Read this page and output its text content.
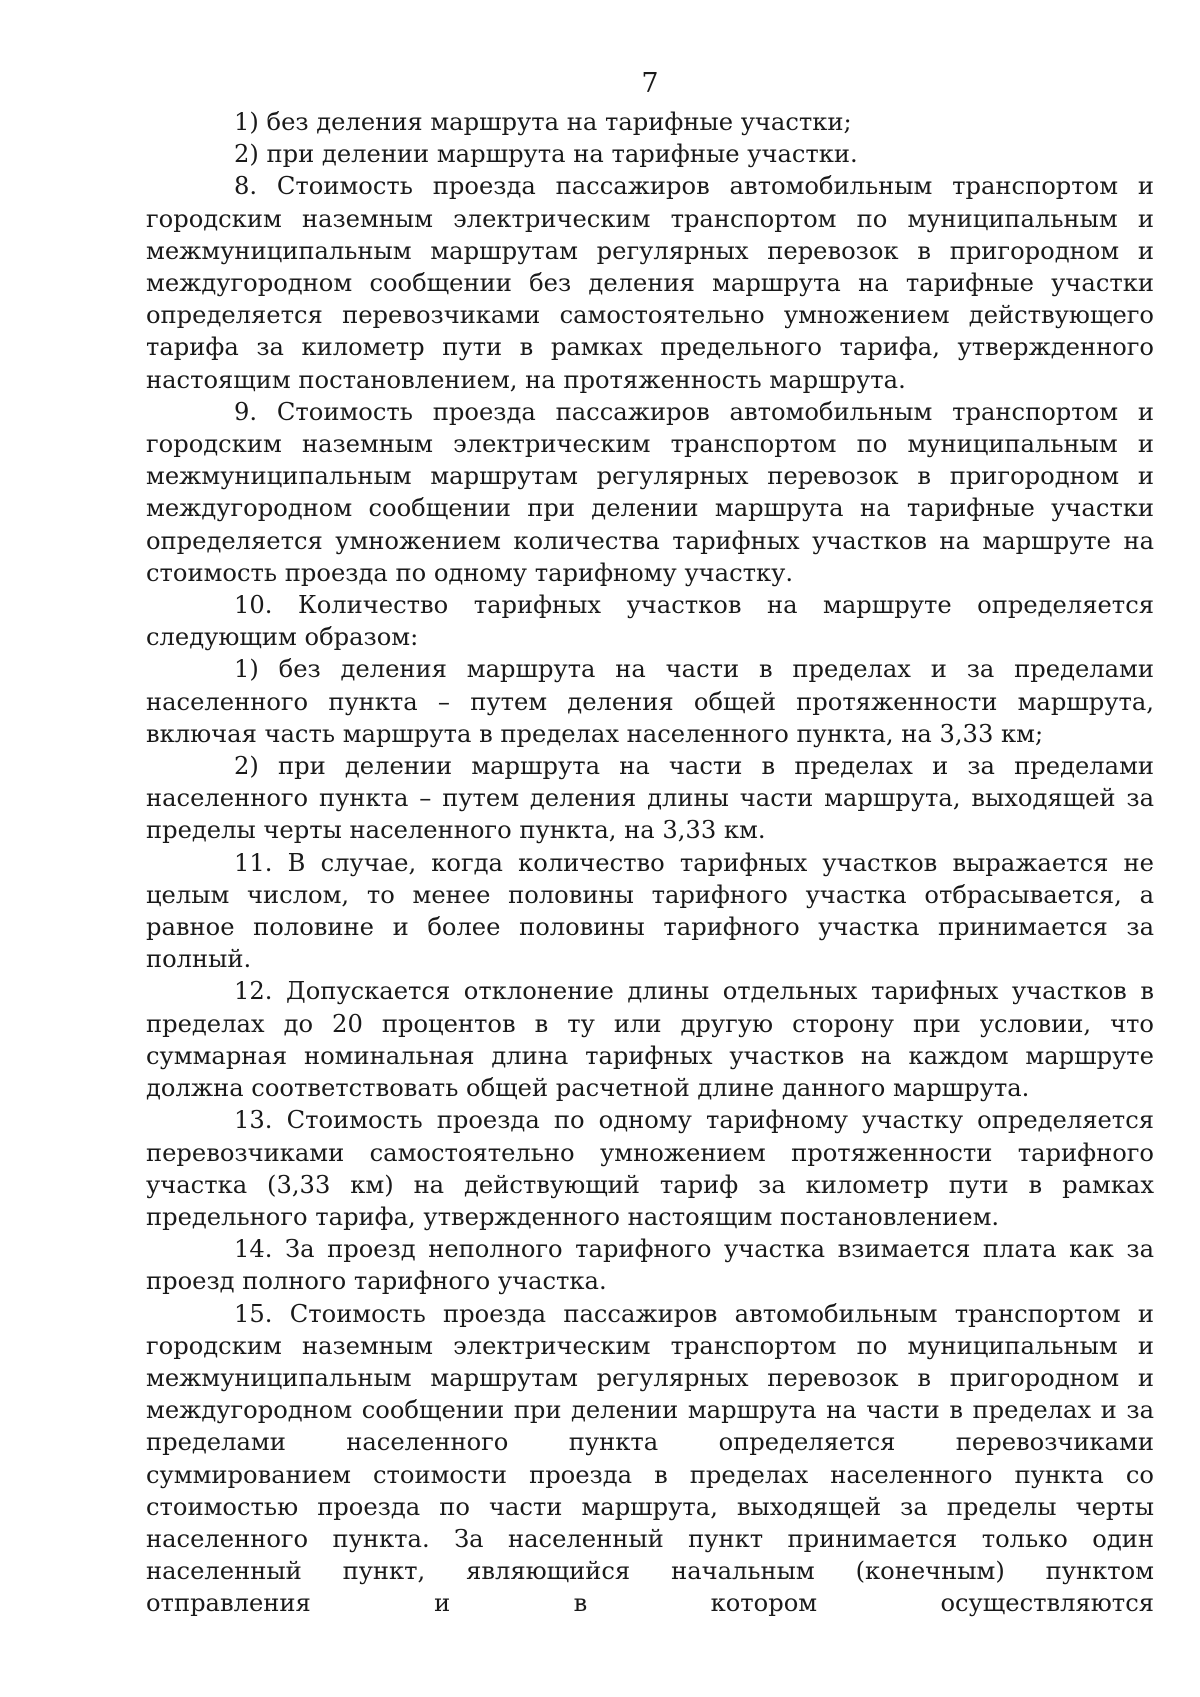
7

1) без деления маршрута на тарифные участки;

2) при делении маршрута на тарифные участки.

8. Стоимость проезда пассажиров автомобильным транспортом и городским наземным электрическим транспортом по муниципальным и межмуниципальным маршрутам регулярных перевозок в пригородном и междугородном сообщении без деления маршрута на тарифные участки определяется перевозчиками самостоятельно умножением действующего тарифа за километр пути в рамках предельного тарифа, утвержденного настоящим постановлением, на протяженность маршрута.

9. Стоимость проезда пассажиров автомобильным транспортом и городским наземным электрическим транспортом по муниципальным и межмуниципальным маршрутам регулярных перевозок в пригородном и междугородном сообщении при делении маршрута на тарифные участки определяется умножением количества тарифных участков на маршруте на стоимость проезда по одному тарифному участку.

10. Количество тарифных участков на маршруте определяется следующим образом:

1) без деления маршрута на части в пределах и за пределами населенного пункта – путем деления общей протяженности маршрута, включая часть маршрута в пределах населенного пункта, на 3,33 км;

2) при делении маршрута на части в пределах и за пределами населенного пункта – путем деления длины части маршрута, выходящей за пределы черты населенного пункта, на 3,33 км.

11. В случае, когда количество тарифных участков выражается не целым числом, то менее половины тарифного участка отбрасывается, а равное половине и более половины тарифного участка принимается за полный.

12. Допускается отклонение длины отдельных тарифных участков в пределах до 20 процентов в ту или другую сторону при условии, что суммарная номинальная длина тарифных участков на каждом маршруте должна соответствовать общей расчетной длине данного маршрута.

13. Стоимость проезда по одному тарифному участку определяется перевозчиками самостоятельно умножением протяженности тарифного участка (3,33 км) на действующий тариф за километр пути в рамках предельного тарифа, утвержденного настоящим постановлением.

14. За проезд неполного тарифного участка взимается плата как за проезд полного тарифного участка.

15. Стоимость проезда пассажиров автомобильным транспортом и городским наземным электрическим транспортом по муниципальным и межмуниципальным маршрутам регулярных перевозок в пригородном и междугородном сообщении при делении маршрута на части в пределах и за пределами населенного пункта определяется перевозчиками суммированием стоимости проезда в пределах населенного пункта со стоимостью проезда по части маршрута, выходящей за пределы черты населенного пункта. За населенный пункт принимается только один населенный пункт, являющийся начальным (конечным) пунктом отправления и в котором осуществляются
